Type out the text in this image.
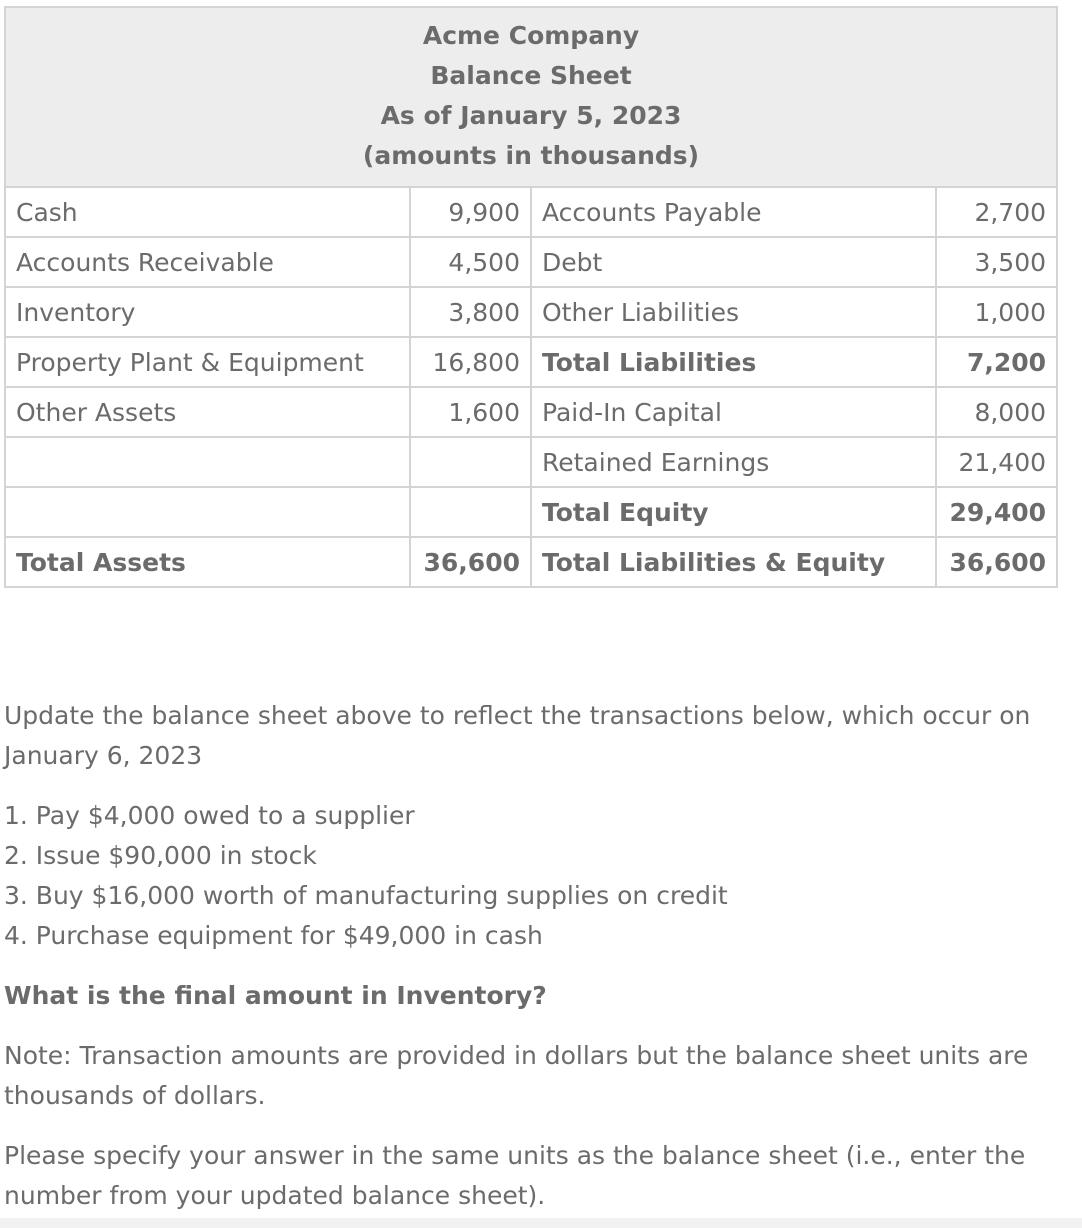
Acme Company
Balance Sheet
As of January 5, 2023
(amounts in thousands)			

Cash	9,900	Accounts Payable	2,700
Accounts Receivable	4,500	Debt	3,500
Inventory	3,800	Other Liabilities	1,000
Property Plant & Equipment	16,800	Total Liabilities	7,200
Other Assets	1,600	Paid-In Capital	8,000
		Retained Earnings	21,400
		Total Equity	29,400
Total Assets	36,600	Total Liabilities & Equity	36,600

Update the balance sheet above to reflect the transactions below, which occur on January 6, 2023

1. Pay $4,000 owed to a supplier
2. Issue $90,000 in stock
3. Buy $16,000 worth of manufacturing supplies on credit
4. Purchase equipment for $49,000 in cash

What is the final amount in Inventory?

Note: Transaction amounts are provided in dollars but the balance sheet units are thousands of dollars.

Please specify your answer in the same units as the balance sheet (i.e., enter the number from your updated balance sheet).
